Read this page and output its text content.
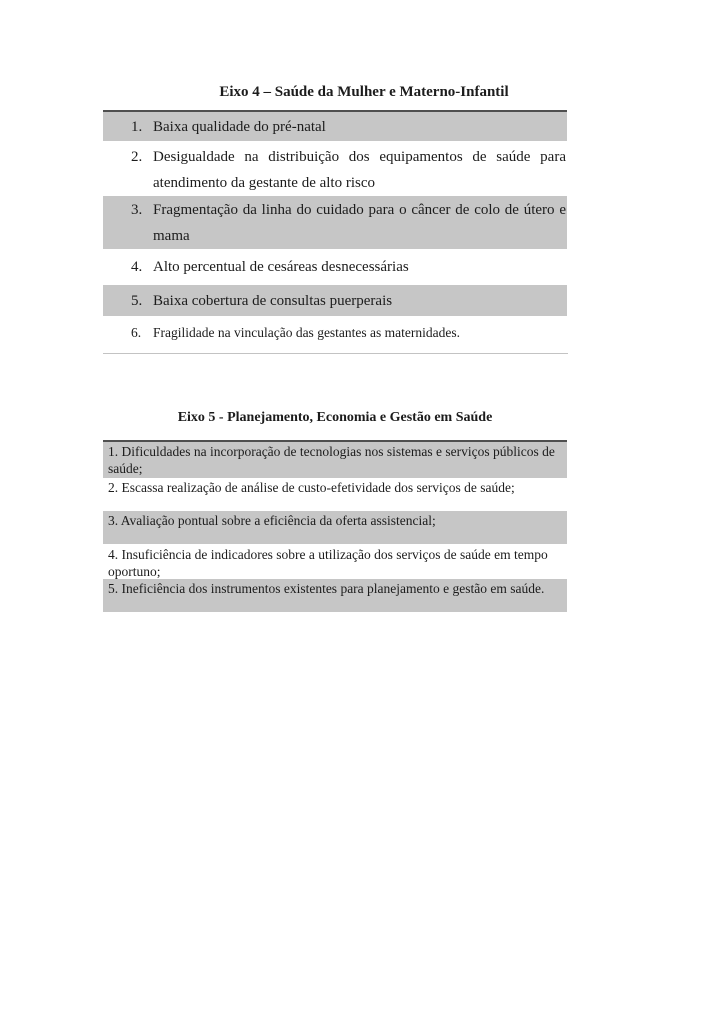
Eixo 4 – Saúde da Mulher e Materno-Infantil
1. Baixa qualidade do pré-natal
2. Desigualdade na distribuição dos equipamentos de saúde para atendimento da gestante de alto risco
3. Fragmentação da linha do cuidado para o câncer de colo de útero e mama
4. Alto percentual de cesáreas desnecessárias
5. Baixa cobertura de consultas puerperais
6. Fragilidade na vinculação das gestantes as maternidades.
Eixo 5 - Planejamento, Economia e Gestão em Saúde
1. Dificuldades na incorporação de tecnologias nos sistemas e serviços públicos de saúde;
2. Escassa realização de análise de custo-efetividade dos serviços de saúde;
3. Avaliação pontual sobre a eficiência da oferta assistencial;
4. Insuficiência de indicadores sobre a utilização dos serviços de saúde em tempo oportuno;
5. Ineficiência dos instrumentos existentes para planejamento e gestão em saúde.
